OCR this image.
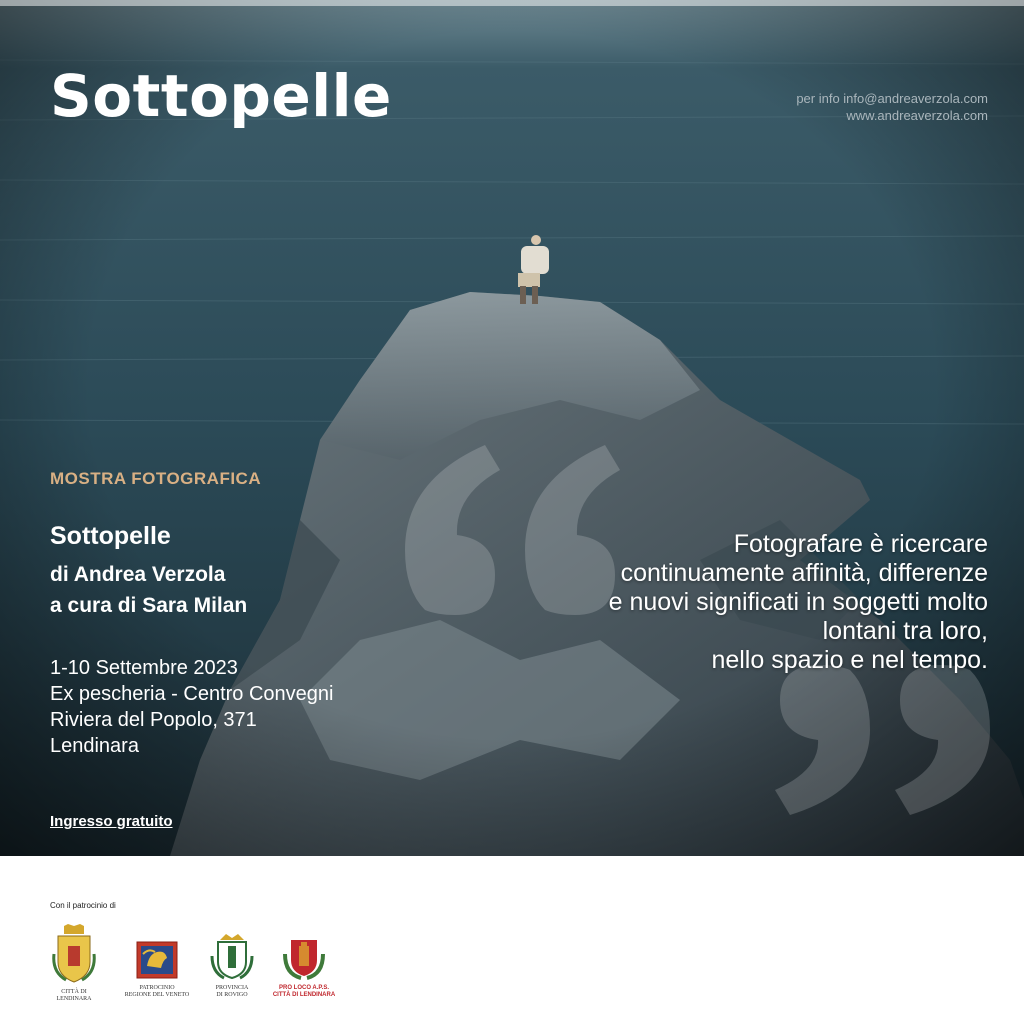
Sottopelle	per info info@andreaverzola.com
www.andreaverzola.com
MOSTRA FOTOGRAFICA
Sottopelle
di Andrea Verzola
a cura di Sara Milan
1-10 Settembre 2023
Ex pescheria - Centro Convegni
Riviera del Popolo, 371
Lendinara
Ingresso gratuito
Fotografare è ricercare
continuamente affinità, differenze
e nuovi significati in soggetti molto
lontani tra loro,
nello spazio e nel tempo.
Con il patrocinio di
CITTÀ DI
LENDINARA
PATROCINIO
REGIONE DEL VENETO
PROVINCIA
DI ROVIGO
PRO LOCO A.P.S.
CITTÀ DI LENDINARA
